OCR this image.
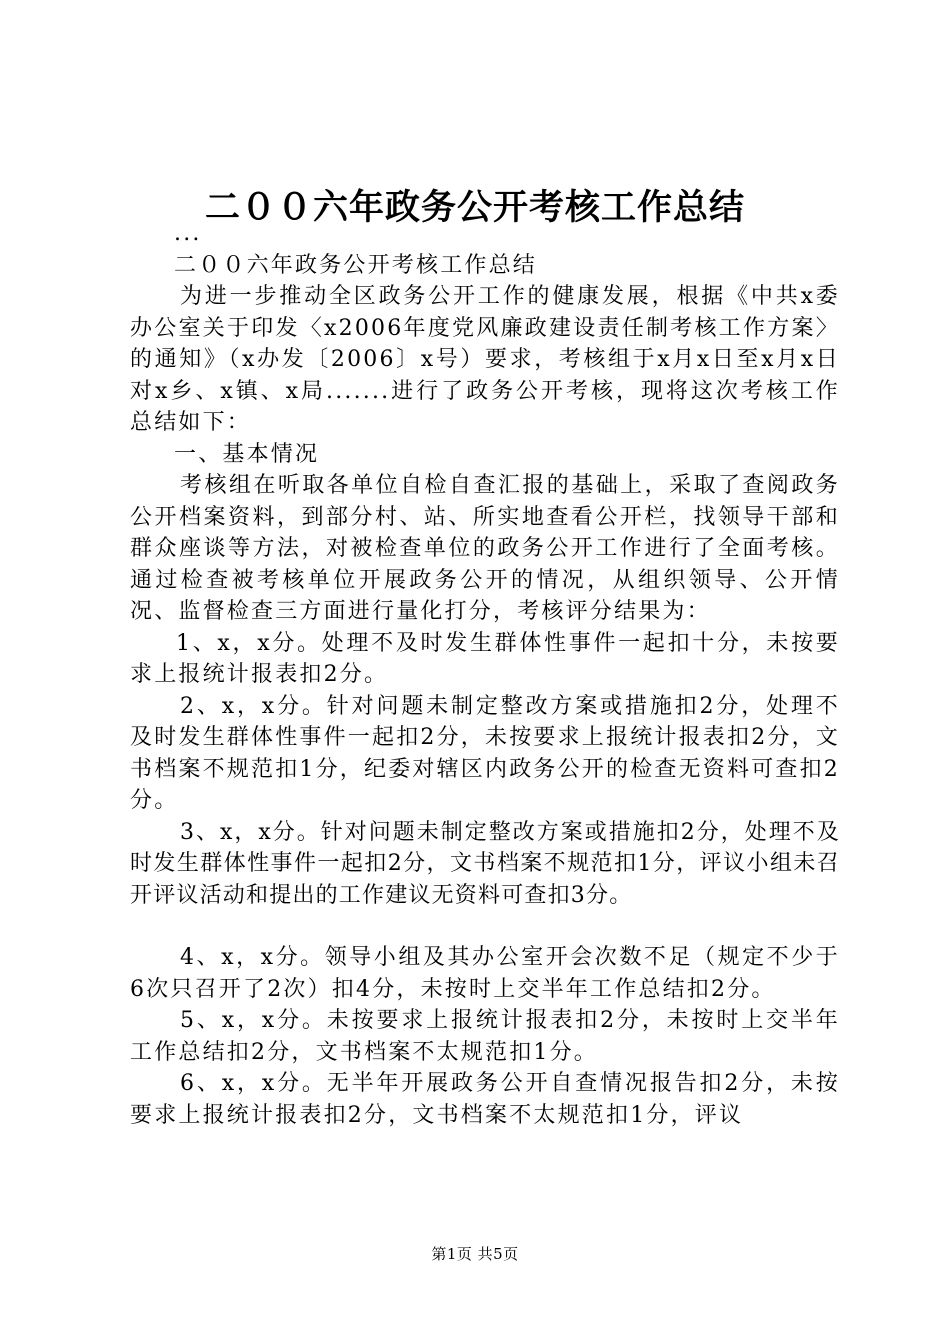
二００六年政务公开考核工作总结

...

二００六年政务公开考核工作总结

为进一步推动全区政务公开工作的健康发展，根据《中共x委办公室关于印发〈x2006年度党风廉政建设责任制考核工作方案〉的通知》（x办发〔2006〕x号）要求，考核组于x月x日至x月x日对x乡、x镇、x局.......进行了政务公开考核，现将这次考核工作总结如下：

一、基本情况

考核组在听取各单位自检自查汇报的基础上，采取了查阅政务公开档案资料，到部分村、站、所实地查看公开栏，找领导干部和群众座谈等方法，对被检查单位的政务公开工作进行了全面考核。通过检查被考核单位开展政务公开的情况，从组织领导、公开情况、监督检查三方面进行量化打分，考核评分结果为：

1、x，x分。处理不及时发生群体性事件一起扣十分，未按要求上报统计报表扣2分。

2、x，x分。针对问题未制定整改方案或措施扣2分，处理不及时发生群体性事件一起扣2分，未按要求上报统计报表扣2分，文书档案不规范扣1分，纪委对辖区内政务公开的检查无资料可查扣2分。

3、x，x分。针对问题未制定整改方案或措施扣2分，处理不及时发生群体性事件一起扣2分，文书档案不规范扣1分，评议小组未召开评议活动和提出的工作建议无资料可查扣3分。

4、x，x分。领导小组及其办公室开会次数不足（规定不少于6次只召开了2次）扣4分，未按时上交半年工作总结扣2分。

5、x，x分。未按要求上报统计报表扣2分，未按时上交半年工作总结扣2分，文书档案不太规范扣1分。

6、x，x分。无半年开展政务公开自查情况报告扣2分，未按要求上报统计报表扣2分，文书档案不太规范扣1分，评议

第1页 共5页
